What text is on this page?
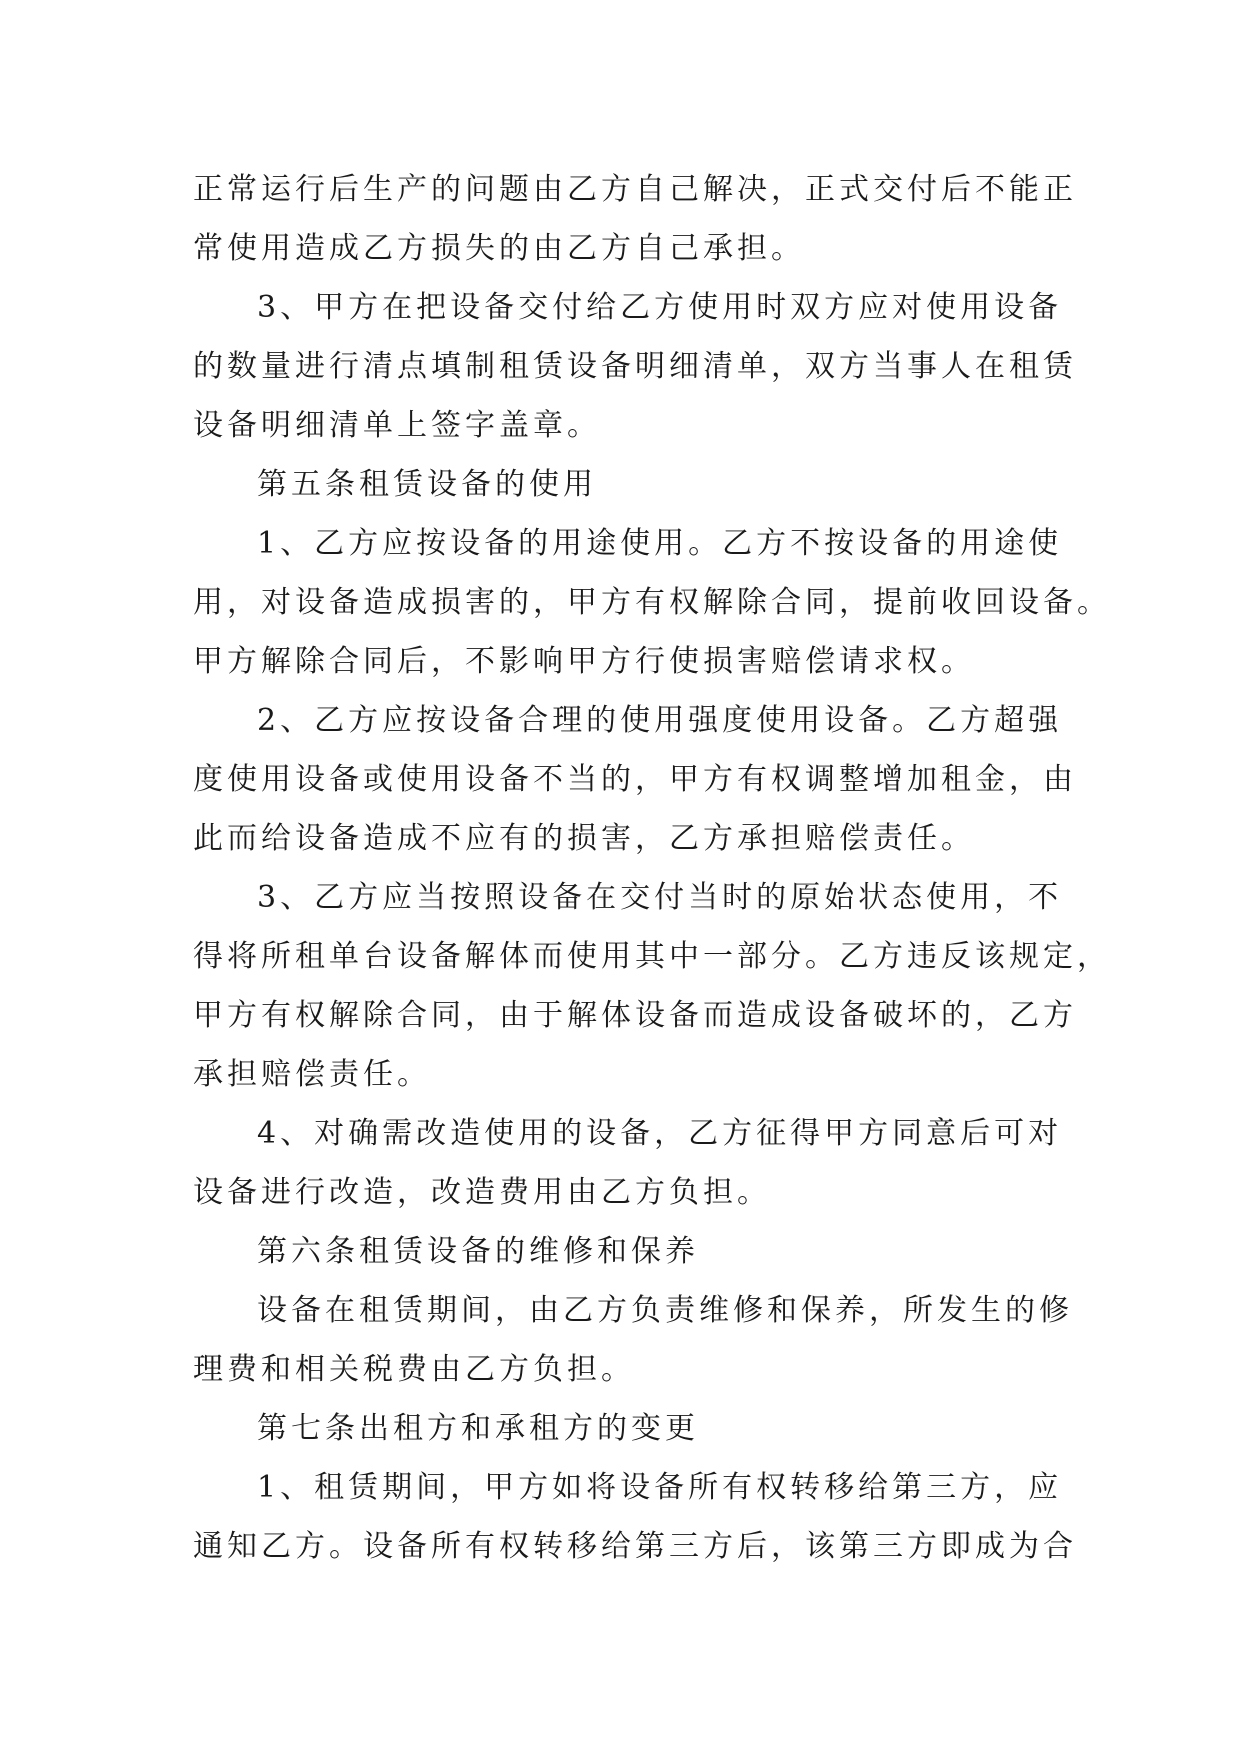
正常运行后生产的问题由乙方自己解决，正式交付后不能正
常使用造成乙方损失的由乙方自己承担。
3、甲方在把设备交付给乙方使用时双方应对使用设备
的数量进行清点填制租赁设备明细清单，双方当事人在租赁
设备明细清单上签字盖章。
第五条租赁设备的使用
1、乙方应按设备的用途使用。乙方不按设备的用途使
用，对设备造成损害的，甲方有权解除合同，提前收回设备。
甲方解除合同后，不影响甲方行使损害赔偿请求权。
2、乙方应按设备合理的使用强度使用设备。乙方超强
度使用设备或使用设备不当的，甲方有权调整增加租金，由
此而给设备造成不应有的损害，乙方承担赔偿责任。
3、乙方应当按照设备在交付当时的原始状态使用，不
得将所租单台设备解体而使用其中一部分。乙方违反该规定，
甲方有权解除合同，由于解体设备而造成设备破坏的，乙方
承担赔偿责任。
4、对确需改造使用的设备，乙方征得甲方同意后可对
设备进行改造，改造费用由乙方负担。
第六条租赁设备的维修和保养
设备在租赁期间，由乙方负责维修和保养，所发生的修
理费和相关税费由乙方负担。
第七条出租方和承租方的变更
1、租赁期间，甲方如将设备所有权转移给第三方，应
通知乙方。设备所有权转移给第三方后，该第三方即成为合
